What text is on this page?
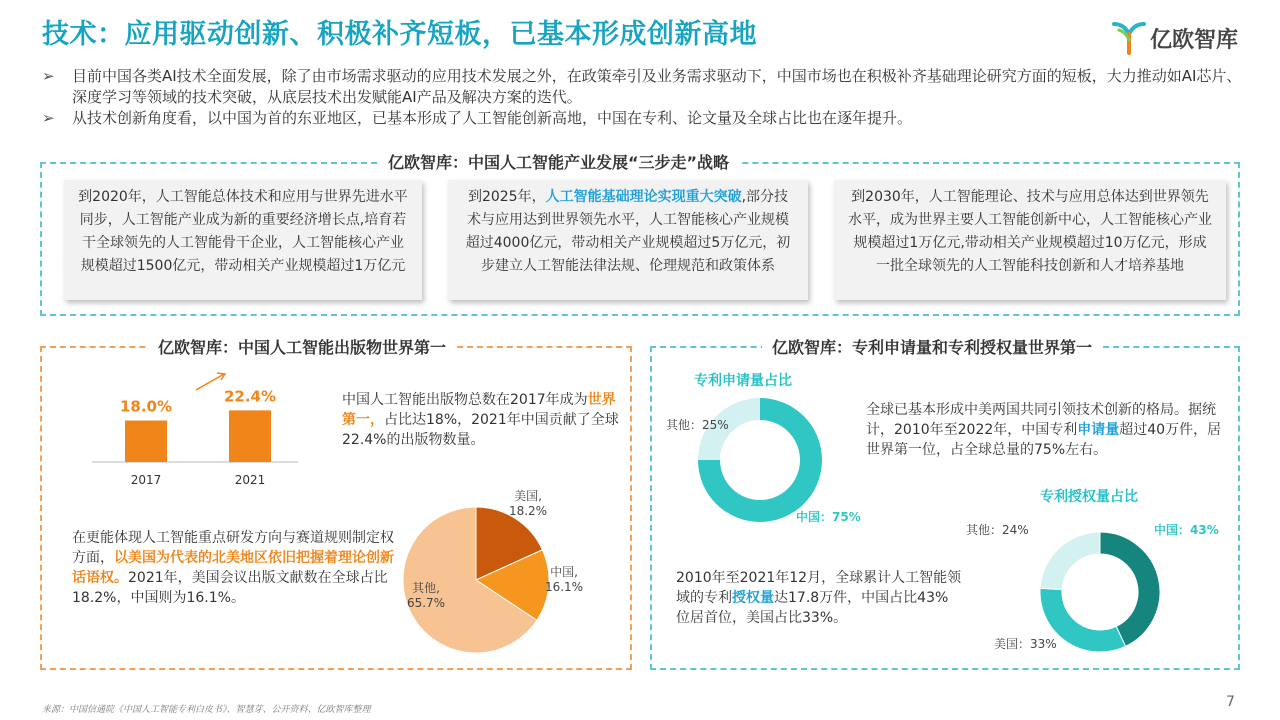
技术：应用驱动创新、积极补齐短板，已基本形成创新高地	亿欧智库
➢	目前中国各类AI技术全面发展，除了由市场需求驱动的应用技术发展之外，在政策牵引及业务需求驱动下，中国市场也在积极补齐基础理论研究方面的短板，大力推动如AI芯片、深度学习等领域的技术突破，从底层技术出发赋能AI产品及解决方案的迭代。
➢	从技术创新角度看，以中国为首的东亚地区，已基本形成了人工智能创新高地，中国在专利、论文量及全球占比也在逐年提升。
亿欧智库：中国人工智能产业发展“三步走”战略
到2020年，人工智能总体技术和应用与世界先进水平同步，人工智能产业成为新的重要经济增长点,培育若干全球领先的人工智能骨干企业，人工智能核心产业规模超过1500亿元，带动相关产业规模超过1万亿元
到2025年，人工智能基础理论实现重大突破,部分技术与应用达到世界领先水平，人工智能核心产业规模超过4000亿元，带动相关产业规模超过5万亿元，初步建立人工智能法律法规、伦理规范和政策体系
到2030年，人工智能理论、技术与应用总体达到世界领先水平，成为世界主要人工智能创新中心，人工智能核心产业规模超过1万亿元,带动相关产业规模超过10万亿元，形成一批全球领先的人工智能科技创新和人才培养基地
亿欧智库：中国人工智能出版物世界第一
18.0%
2017
22.4%
2021
中国人工智能出版物总数在2017年成为世界第一，占比达18%，2021年中国贡献了全球22.4%的出版物数量。
在更能体现人工智能重点研发方向与赛道规则制定权方面，以美国为代表的北美地区依旧把握着理论创新话语权。2021年，美国会议出版文献数在全球占比18.2%，中国则为16.1%。
美国,
18.2%
中国,
16.1%
其他,
65.7%
亿欧智库：专利申请量和专利授权量世界第一
专利申请量占比
其他：25%
中国：75%
全球已基本形成中美两国共同引领技术创新的格局。据统计，2010年至2022年，中国专利申请量超过40万件，居世界第一位，占全球总量的75%左右。
专利授权量占比
中国：43%
美国：33%
其他：24%
2010年至2021年12月，全球累计人工智能领域的专利授权量达17.8万件，中国占比43%位居首位，美国占比33%。
来源：中国信通院《中国人工智能专利白皮书》、智慧芽、公开资料、亿欧智库整理	7
